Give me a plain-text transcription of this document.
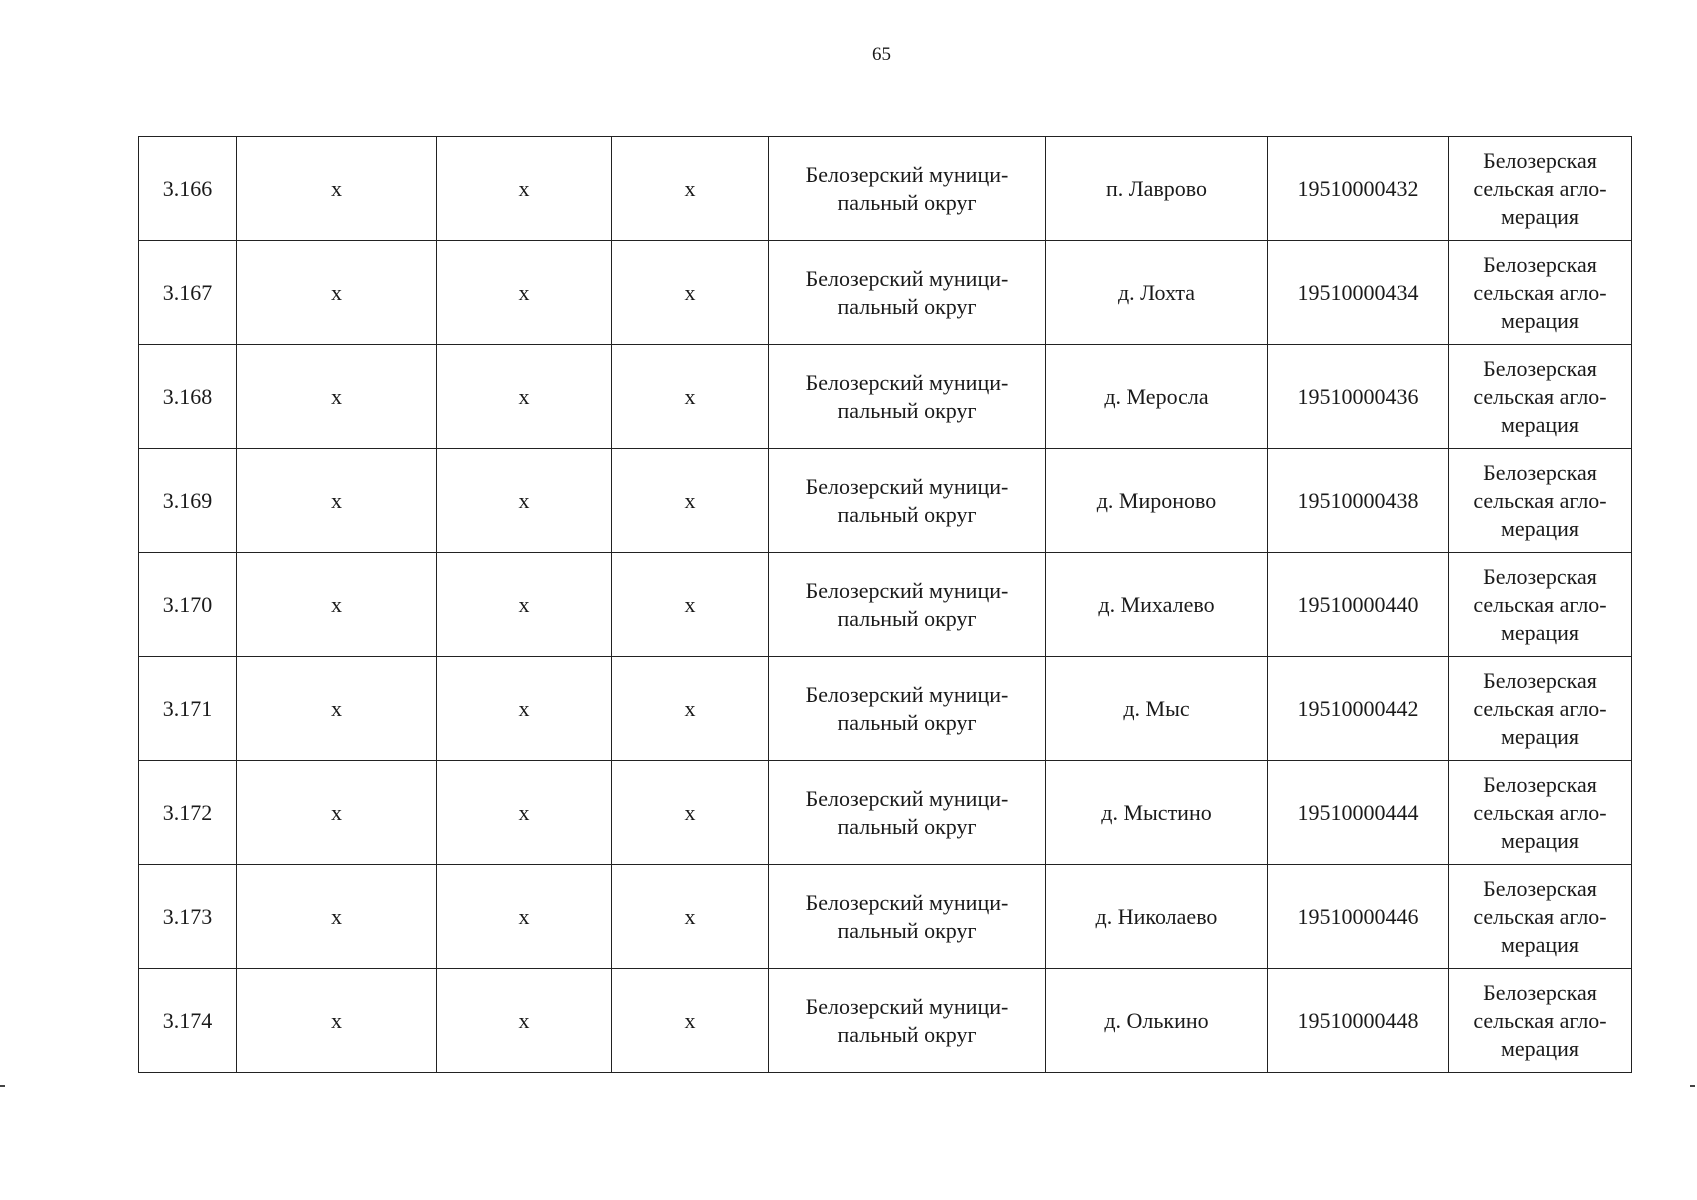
65
3.166	x	x	x	Белозерский муници-
пальный округ	п. Лаврово	19510000432	Белозерская
сельская агло-
мерация
3.167	x	x	x	Белозерский муници-
пальный округ	д. Лохта	19510000434	Белозерская
сельская агло-
мерация
3.168	x	x	x	Белозерский муници-
пальный округ	д. Меросла	19510000436	Белозерская
сельская агло-
мерация
3.169	x	x	x	Белозерский муници-
пальный округ	д. Мироново	19510000438	Белозерская
сельская агло-
мерация
3.170	x	x	x	Белозерский муници-
пальный округ	д. Михалево	19510000440	Белозерская
сельская агло-
мерация
3.171	x	x	x	Белозерский муници-
пальный округ	д. Мыс	19510000442	Белозерская
сельская агло-
мерация
3.172	x	x	x	Белозерский муници-
пальный округ	д. Мыстино	19510000444	Белозерская
сельская агло-
мерация
3.173	x	x	x	Белозерский муници-
пальный округ	д. Николаево	19510000446	Белозерская
сельская агло-
мерация
3.174	x	x	x	Белозерский муници-
пальный округ	д. Олькино	19510000448	Белозерская
сельская агло-
мерация
